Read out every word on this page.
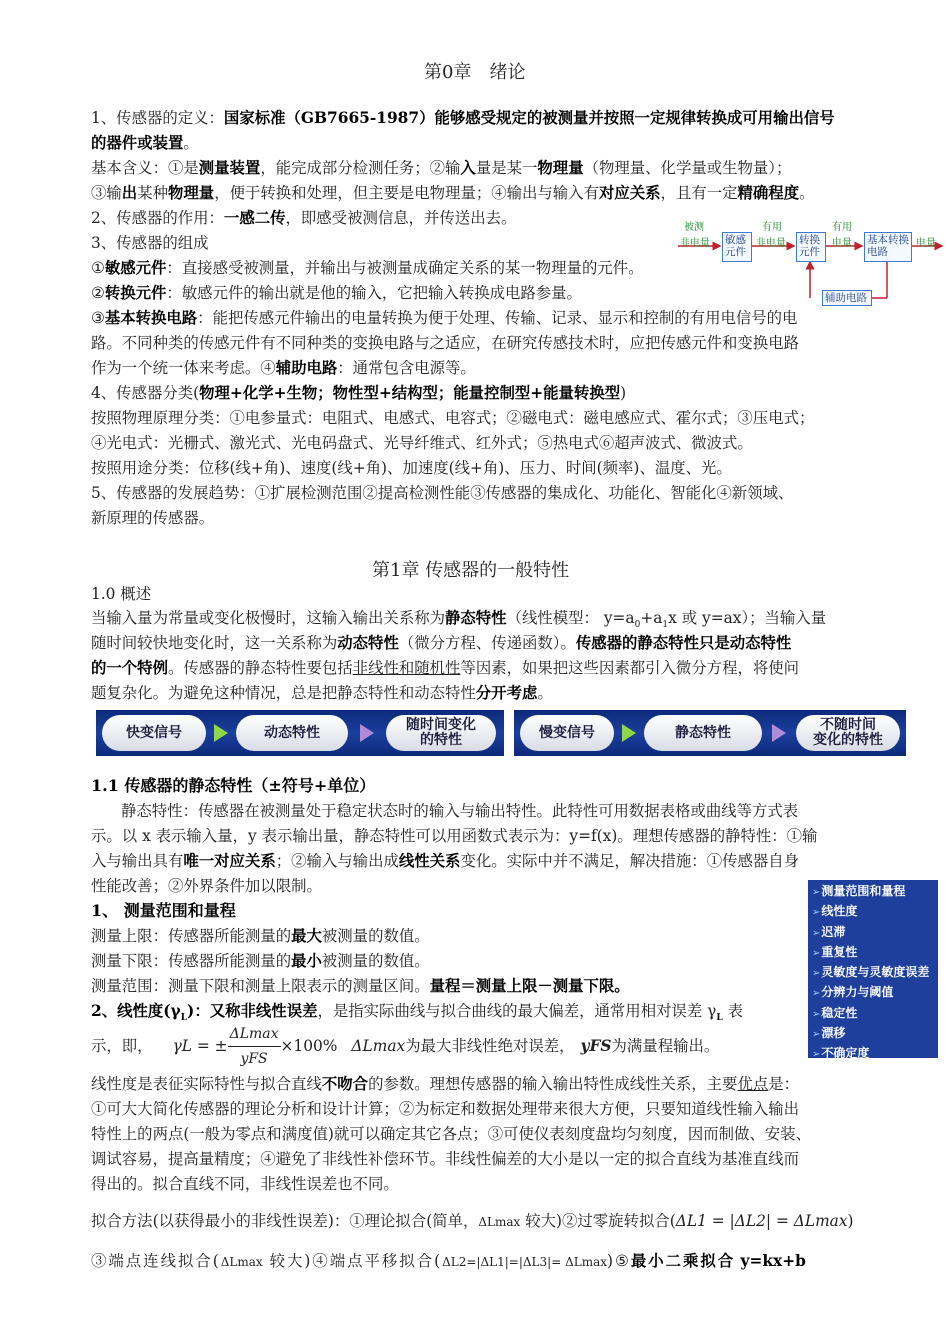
第0章　绪论
1、传感器的定义：国家标准（GB7665-1987）能够感受规定的被测量并按照一定规律转换成可用输出信号
的器件或装置。
基本含义：①是测量装置，能完成部分检测任务；②输入量是某一物理量（物理量、化学量或生物量）；
③输出某种物理量，便于转换和处理，但主要是电物理量；④输出与输入有对应关系，且有一定精确程度。
2、传感器的作用：一感二传，即感受被测信息，并传送出去。
3、传感器的组成
①敏感元件：直接感受被测量，并输出与被测量成确定关系的某一物理量的元件。
②转换元件：敏感元件的输出就是他的输入，它把输入转换成电路参量。
③基本转换电路：能把传感元件输出的电量转换为便于处理、传输、记录、显示和控制的有用电信号的电
路。不同种类的传感元件有不同种类的变换电路与之适应，在研究传感技术时，应把传感元件和变换电路
作为一个统一体来考虑。④辅助电路：通常包含电源等。
4、传感器分类(物理+化学+生物；物性型+结构型；能量控制型+能量转换型)
按照物理原理分类：①电参量式：电阻式、电感式、电容式；②磁电式：磁电感应式、霍尔式；③压电式；
④光电式：光栅式、激光式、光电码盘式、光导纤维式、红外式；⑤热电式⑥超声波式、微波式。
按照用途分类：位移(线+角)、速度(线+角)、加速度(线+角)、压力、时间(频率)、温度、光。
5、传感器的发展趋势：①扩展检测范围②提高检测性能③传感器的集成化、功能化、智能化④新领域、
新原理的传感器。
被测
非电量 敏感
元件
有用
非电量 转换
元件
有用
电量 基本转换
电路
电量
辅助电路
第1章 传感器的一般特性
1.0 概述
当输入量为常量或变化极慢时，这输入输出关系称为静态特性（线性模型： $y=a_0+a_1x$ 或 y=ax）；当输入量
随时间较快地变化时，这一关系称为动态特性（微分方程、传递函数）。传感器的静态特性只是动态特性
的一个特例。传感器的静态特性要包括非线性和随机性等因素，如果把这些因素都引入微分方程，将使问
题复杂化。为避免这种情况，总是把静态特性和动态特性分开考虑。
快变信号	动态特性	随时间变化
的特性	慢变信号	静态特性	不随时间
变化的特性
1.1 传感器的静态特性（±符号+单位）
静态特性：传感器在被测量处于稳定状态时的输入与输出特性。此特性可用数据表格或曲线等方式表
示。以 x 表示输入量，y 表示输出量，静态特性可以用函数式表示为：y=f(x)。理想传感器的静特性：①输
入与输出具有唯一对应关系；②输入与输出成线性关系变化。实际中并不满足，解决措施：①传感器自身
性能改善；②外界条件加以限制。
1、 测量范围和量程
测量上限：传感器所能测量的最大被测量的数值。
测量下限：传感器所能测量的最小被测量的数值。
测量范围：测量下限和测量上限表示的测量区间。量程＝测量上限－测量下限。
2、线性度$(\gamma_L)$：又称非线性误差，是指实际曲线与拟合曲线的最大偏差，通常用相对误差 $\gamma_L$ 表
示，即， γL = ± $\frac{\Delta Lmax}{\text{yFS}} \times 100\%$ ΔLmax 为最大非线性绝对误差， yFS 为满量程输出。
➢测量范围和量程
➢线性度
➢迟滞
➢重复性
➢灵敏度与灵敏度误差
➢分辨力与阈值
➢稳定性
➢漂移
➢不确定度
线性度是表征实际特性与拟合直线不吻合的参数。理想传感器的输入输出特性成线性关系，主要优点是：
①可大大简化传感器的理论分析和设计计算；②为标定和数据处理带来很大方便，只要知道线性输入输出
特性上的两点(一般为零点和满度值)就可以确定其它各点；③可使仪表刻度盘均匀刻度，因而制做、安装、
调试容易，提高量精度；④避免了非线性补偿环节。非线性偏差的大小是以一定的拟合直线为基准直线而
得出的。拟合直线不同，非线性误差也不同。
拟合方法(以获得最小的非线性误差)：①理论拟合(简单，ΔLmax 较大)②过零旋转拟合(ΔL1 = |ΔL2| = ΔLmax)
③端点连线拟合(ΔLmax 较大)④端点平移拟合(ΔL2=|ΔL1|=|ΔL3|= ΔLmax)⑤最小二乘拟合 y=kx+b
